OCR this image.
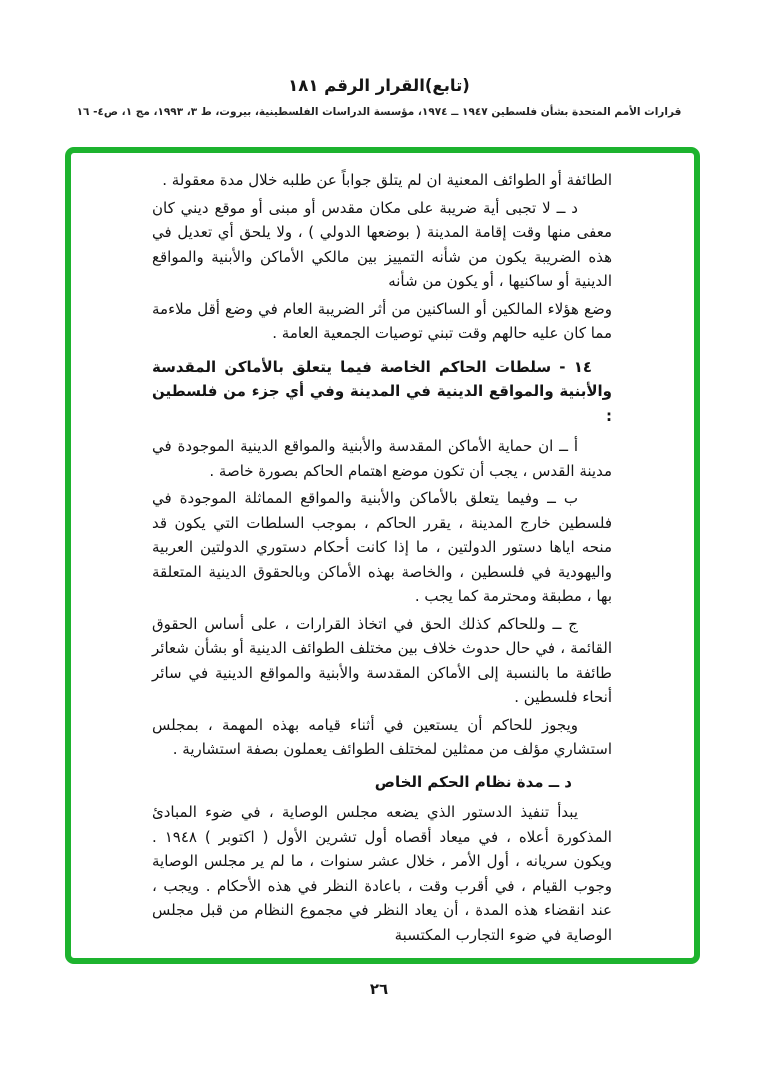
(تابع)القرار الرقم ١٨١
قرارات الأمم المتحدة بشأن فلسطين ١٩٤٧ ــ ١٩٧٤، مؤسسة الدراسات الفلسطينية، بيروت، ط ٣، ١٩٩٣، مج ١، ص٤- ١٦

الطائفة أو الطوائف المعنية ان لم يتلق جواباً عن طلبه خلال مدة معقولة .

د ــ لا تجبى أية ضريبة على مكان مقدس أو مبنى أو موقع ديني كان معفى منها وقت إقامة المدينة ( بوضعها الدولي ) ، ولا يلحق أي تعديل في هذه الضريبة يكون من شأنه التمييز بين مالكي الأماكن والأبنية والمواقع الدينية أو ساكنيها ، أو يكون من شأنه

وضع هؤلاء المالكين أو الساكنين من أثر الضريبة العام في وضع أقل ملاءمة مما كان عليه حالهم وقت تبني توصيات الجمعية العامة .

١٤ - سلطات الحاكم الخاصة فيما يتعلق بالأماكن المقدسة والأبنية والمواقع الدينية في المدينة وفي أي جزء من فلسطين :

أ ــ ان حماية الأماكن المقدسة والأبنية والمواقع الدينية الموجودة في مدينة القدس ، يجب أن تكون موضع اهتمام الحاكم بصورة خاصة .

ب ــ وفيما يتعلق بالأماكن والأبنية والمواقع المماثلة الموجودة في فلسطين خارج المدينة ، يقرر الحاكم ، بموجب السلطات التي يكون قد منحه اياها دستور الدولتين ، ما إذا كانت أحكام دستوري الدولتين العربية واليهودية في فلسطين ، والخاصة بهذه الأماكن وبالحقوق الدينية المتعلقة بها ، مطبقة ومحترمة كما يجب .

ج ــ وللحاكم كذلك الحق في اتخاذ القرارات ، على أساس الحقوق القائمة ، في حال حدوث خلاف بين مختلف الطوائف الدينية أو بشأن شعائر طائفة ما بالنسبة إلى الأماكن المقدسة والأبنية والمواقع الدينية في سائر أنحاء فلسطين .

ويجوز للحاكم أن يستعين في أثناء قيامه بهذه المهمة ، بمجلس استشاري مؤلف من ممثلين لمختلف الطوائف يعملون بصفة استشارية .

د ــ مدة نظام الحكم الخاص

يبدأ تنفيذ الدستور الذي يضعه مجلس الوصاية ، في ضوء المبادئ المذكورة أعلاه ، في ميعاد أقصاه أول تشرين الأول ( اكتوبر ) ١٩٤٨ . ويكون سريانه ، أول الأمر ، خلال عشر سنوات ، ما لم ير مجلس الوصاية وجوب القيام ، في أقرب وقت ، باعادة النظر في هذه الأحكام . ويجب ، عند انقضاء هذه المدة ، أن يعاد النظر في مجموع النظام من قبل مجلس الوصاية في ضوء التجارب المكتسبة

٢٦
